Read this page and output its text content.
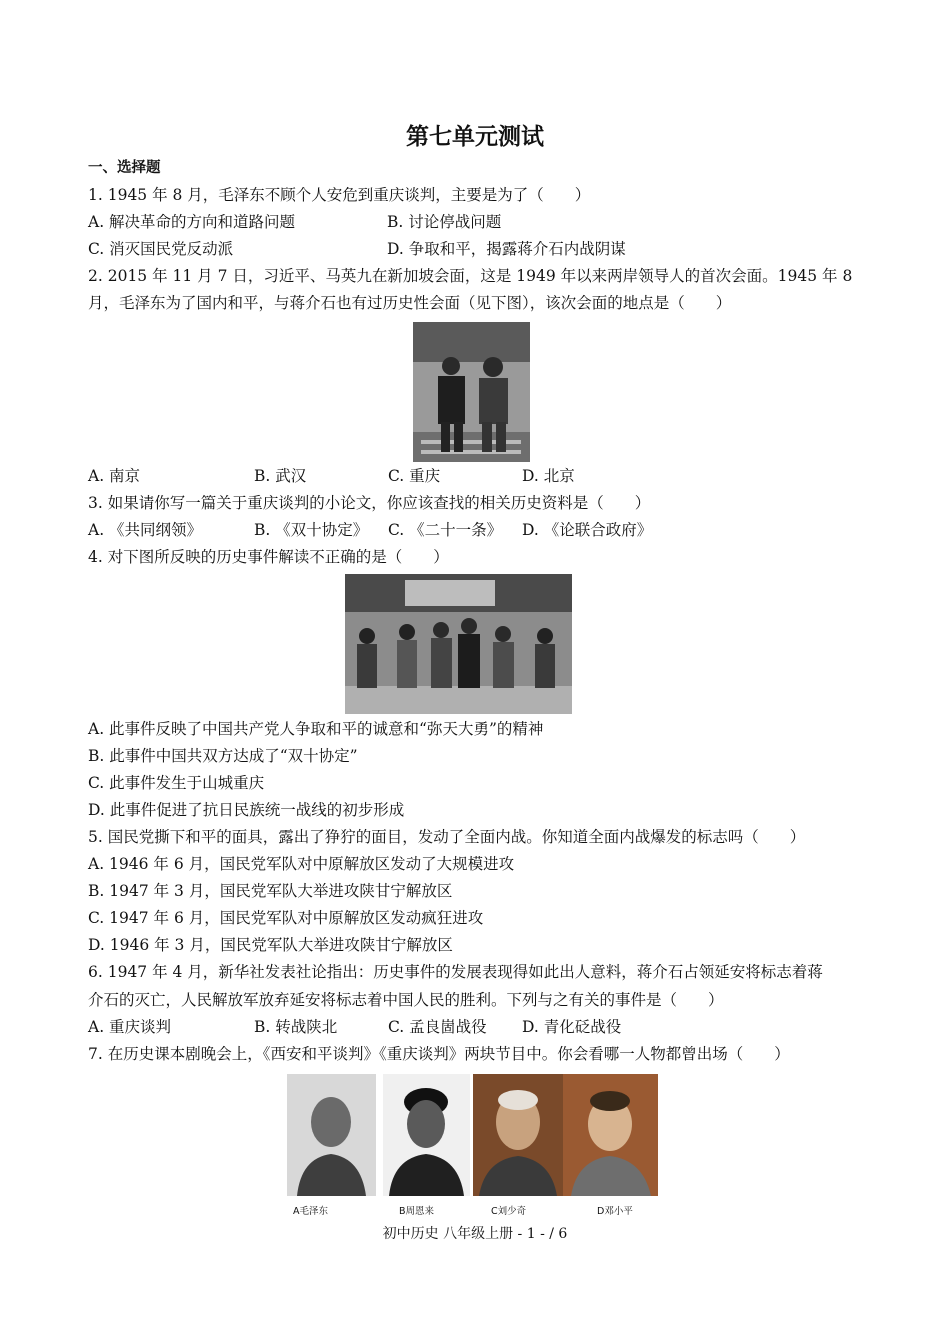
第七单元测试
一、选择题
1. 1945 年 8 月，毛泽东不顾个人安危到重庆谈判，主要是为了（　　）
A. 解决革命的方向和道路问题	B. 讨论停战问题
C. 消灭国民党反动派	D. 争取和平，揭露蒋介石内战阴谋
2. 2015 年 11 月 7 日，习近平、马英九在新加坡会面，这是 1949 年以来两岸领导人的首次会面。1945 年 8
月，毛泽东为了国内和平，与蒋介石也有过历史性会面（见下图），该次会面的地点是（　　）
A. 南京	B. 武汉	C. 重庆	D. 北京
3. 如果请你写一篇关于重庆谈判的小论文，你应该查找的相关历史资料是（　　）
A. 《共同纲领》	B. 《双十协定》 C. 《二十一条》 D. 《论联合政府》
4. 对下图所反映的历史事件解读不正确的是（　　）
A. 此事件反映了中国共产党人争取和平的诚意和“弥天大勇”的精神
B. 此事件中国共双方达成了“双十协定”
C. 此事件发生于山城重庆
D. 此事件促进了抗日民族统一战线的初步形成
5. 国民党撕下和平的面具，露出了狰狞的面目，发动了全面内战。你知道全面内战爆发的标志吗（　　）
A. 1946 年 6 月，国民党军队对中原解放区发动了大规模进攻
B. 1947 年 3 月，国民党军队大举进攻陕甘宁解放区
C. 1947 年 6 月，国民党军队对中原解放区发动疯狂进攻
D. 1946 年 3 月，国民党军队大举进攻陕甘宁解放区
6. 1947 年 4 月，新华社发表社论指出：历史事件的发展表现得如此出人意料，蒋介石占领延安将标志着蒋
介石的灭亡，人民解放军放弃延安将标志着中国人民的胜利。下列与之有关的事件是（　　）
A. 重庆谈判	B. 转战陕北	C. 孟良崮战役 D. 青化砭战役
7. 在历史课本剧晚会上，《西安和平谈判》《重庆谈判》两块节目中。你会看哪一人物都曾出场（　　）
A毛泽东	B周恩来	C刘少奇	D邓小平
初中历史 八年级上册 - 1 - / 6
